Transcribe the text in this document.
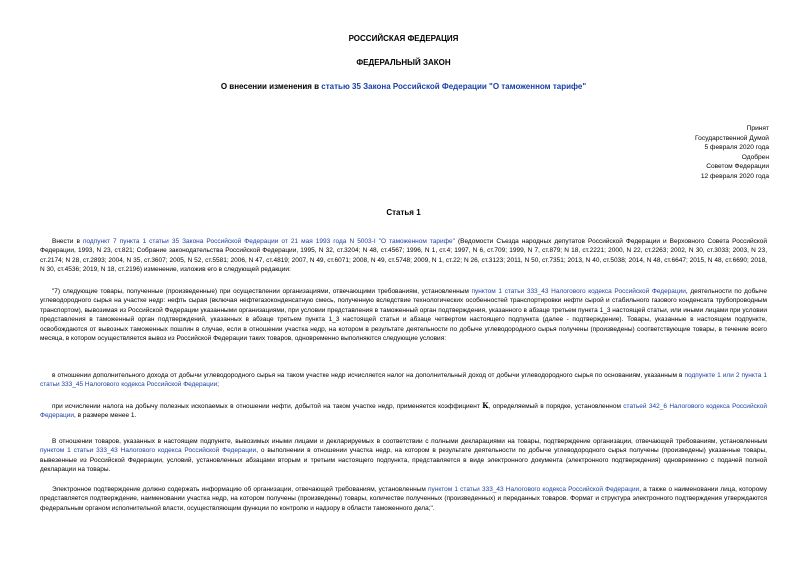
РОССИЙСКАЯ ФЕДЕРАЦИЯ
ФЕДЕРАЛЬНЫЙ ЗАКОН
О внесении изменения в статью 35 Закона Российской Федерации "О таможенном тарифе"
Принят
Государственной Думой
5 февраля 2020 года
Одобрен
Советом Федерации
12 февраля 2020 года
Статья 1
Внести в подпункт 7 пункта 1 статьи 35 Закона Российской Федерации от 21 мая 1993 года N 5003-I "О таможенном тарифе" (Ведомости Съезда народных депутатов Российской Федерации и Верховного Совета Российской Федерации, 1993, N 23, ст.821; Собрание законодательства Российской Федерации, 1995, N 32, ст.3204; N 48, ст.4567; 1996, N 1, ст.4; 1997, N 6, ст.709; 1999, N 7, ст.879; N 18, ст.2221; 2000, N 22, ст.2263; 2002, N 30, ст.3033; 2003, N 23, ст.2174; N 28, ст.2893; 2004, N 35, ст.3607; 2005, N 52, ст.5581; 2006, N 47, ст.4819; 2007, N 49, ст.6071; 2008, N 49, ст.5748; 2009, N 1, ст.22; N 26, ст.3123; 2011, N 50, ст.7351; 2013, N 40, ст.5038; 2014, N 48, ст.6647; 2015, N 48, ст.6690; 2018, N 30, ст.4536; 2019, N 18, ст.2196) изменение, изложив его в следующей редакции:
"7) следующие товары, полученные (произведенные) при осуществлении организациями, отвечающими требованиям, установленным пунктом 1 статьи 333_43 Налогового кодекса Российской Федерации, деятельности по добыче углеводородного сырья на участке недр: нефть сырая (включая нефтегазоконденсатную смесь, полученную вследствие технологических особенностей транспортировки нефти сырой и стабильного газового конденсата трубопроводным транспортом), вывозимая из Российской Федерации указанными организациями, при условии представления в таможенный орган подтверждения, указанного в абзаце третьем пункта 1_3 настоящей статьи, или иными лицами при условии представления в таможенный орган подтверждений, указанных в абзаце третьем пункта 1_3 настоящей статьи и абзаце четвертом настоящего подпункта (далее - подтверждение). Товары, указанные в настоящем подпункте, освобождаются от вывозных таможенных пошлин в случае, если в отношении участка недр, на котором в результате деятельности по добыче углеводородного сырья получены (произведены) соответствующие товары, в течение всего месяца, в котором осуществляется вывоз из Российской Федерации таких товаров, одновременно выполняются следующие условия:
в отношении дополнительного дохода от добычи углеводородного сырья на таком участке недр исчисляется налог на дополнительный доход от добычи углеводородного сырья по основаниям, указанным в подпункте 1 или 2 пункта 1 статьи 333_45 Налогового кодекса Российской Федерации;
при исчислении налога на добычу полезных ископаемых в отношении нефти, добытой на таком участке недр, применяется коэффициент К, определяемый в порядке, установленном статьей 342_6 Налогового кодекса Российской Федерации, в размере менее 1.
В отношении товаров, указанных в настоящем подпункте, вывозимых иными лицами и декларируемых в соответствии с полными декларациями на товары, подтверждение организации, отвечающей требованиям, установленным пунктом 1 статьи 333_43 Налогового кодекса Российской Федерации, о выполнении в отношении участка недр, на котором в результате деятельности по добыче углеводородного сырья получены (произведены) указанные товары, вывезенные из Российской Федерации, условий, установленных абзацами вторым и третьим настоящего подпункта, представляется в виде электронного документа (электронного подтверждения) одновременно с подачей полной декларации на товары.
Электронное подтверждение должно содержать информацию об организации, отвечающей требованиям, установленным пунктом 1 статьи 333_43 Налогового кодекса Российской Федерации, а также о наименовании лица, которому представляется подтверждение, наименовании участка недр, на котором получены (произведены) товары, количестве полученных (произведенных) и переданных товаров. Формат и структура электронного подтверждения утверждаются федеральным органом исполнительной власти, осуществляющим функции по контролю и надзору в области таможенного дела;".
